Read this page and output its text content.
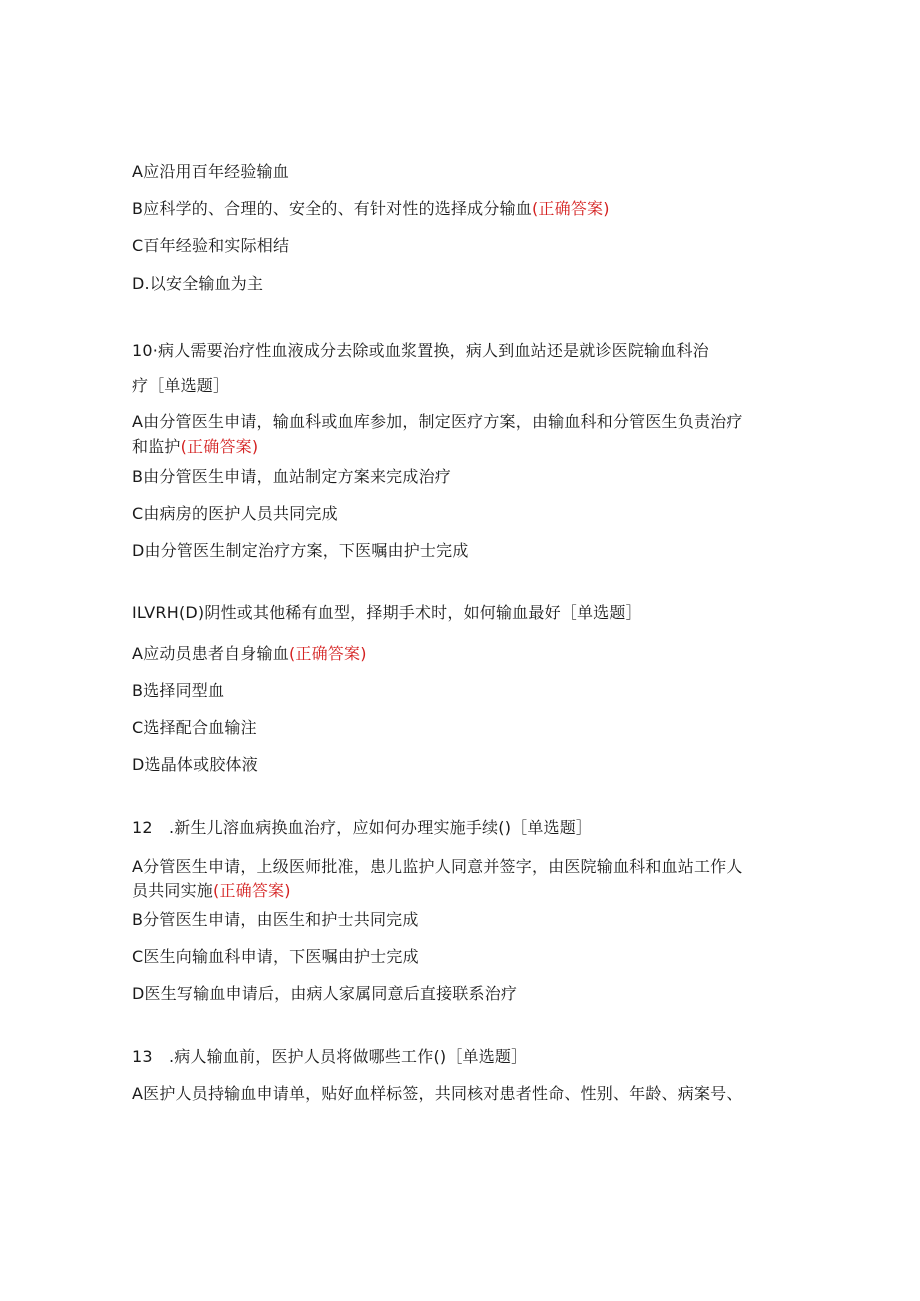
A应沿用百年经验输血
B应科学的、合理的、安全的、有针对性的选择成分输血(正确答案)
C百年经验和实际相结
D.以安全输血为主
10·病人需要治疗性血液成分去除或血浆置换，病人到血站还是就诊医院输血科治
疗［单选题］
A由分管医生申请，输血科或血库参加，制定医疗方案，由输血科和分管医生负责治疗
和监护(正确答案)
B由分管医生申请，血站制定方案来完成治疗
C由病房的医护人员共同完成
D由分管医生制定治疗方案，下医嘱由护士完成
ILVRH(D)阴性或其他稀有血型，择期手术时，如何输血最好［单选题］
A应动员患者自身输血(正确答案)
B选择同型血
C选择配合血输注
D选晶体或胶体液
12　.新生儿溶血病换血治疗，应如何办理实施手续()［单选题］
A分管医生申请，上级医师批准，患儿监护人同意并签字，由医院输血科和血站工作人
员共同实施(正确答案)
B分管医生申请，由医生和护士共同完成
C医生向输血科申请，下医嘱由护士完成
D医生写输血申请后，由病人家属同意后直接联系治疗
13　.病人输血前，医护人员将做哪些工作()［单选题］
A医护人员持输血申请单，贴好血样标签，共同核对患者性命、性别、年龄、病案号、
